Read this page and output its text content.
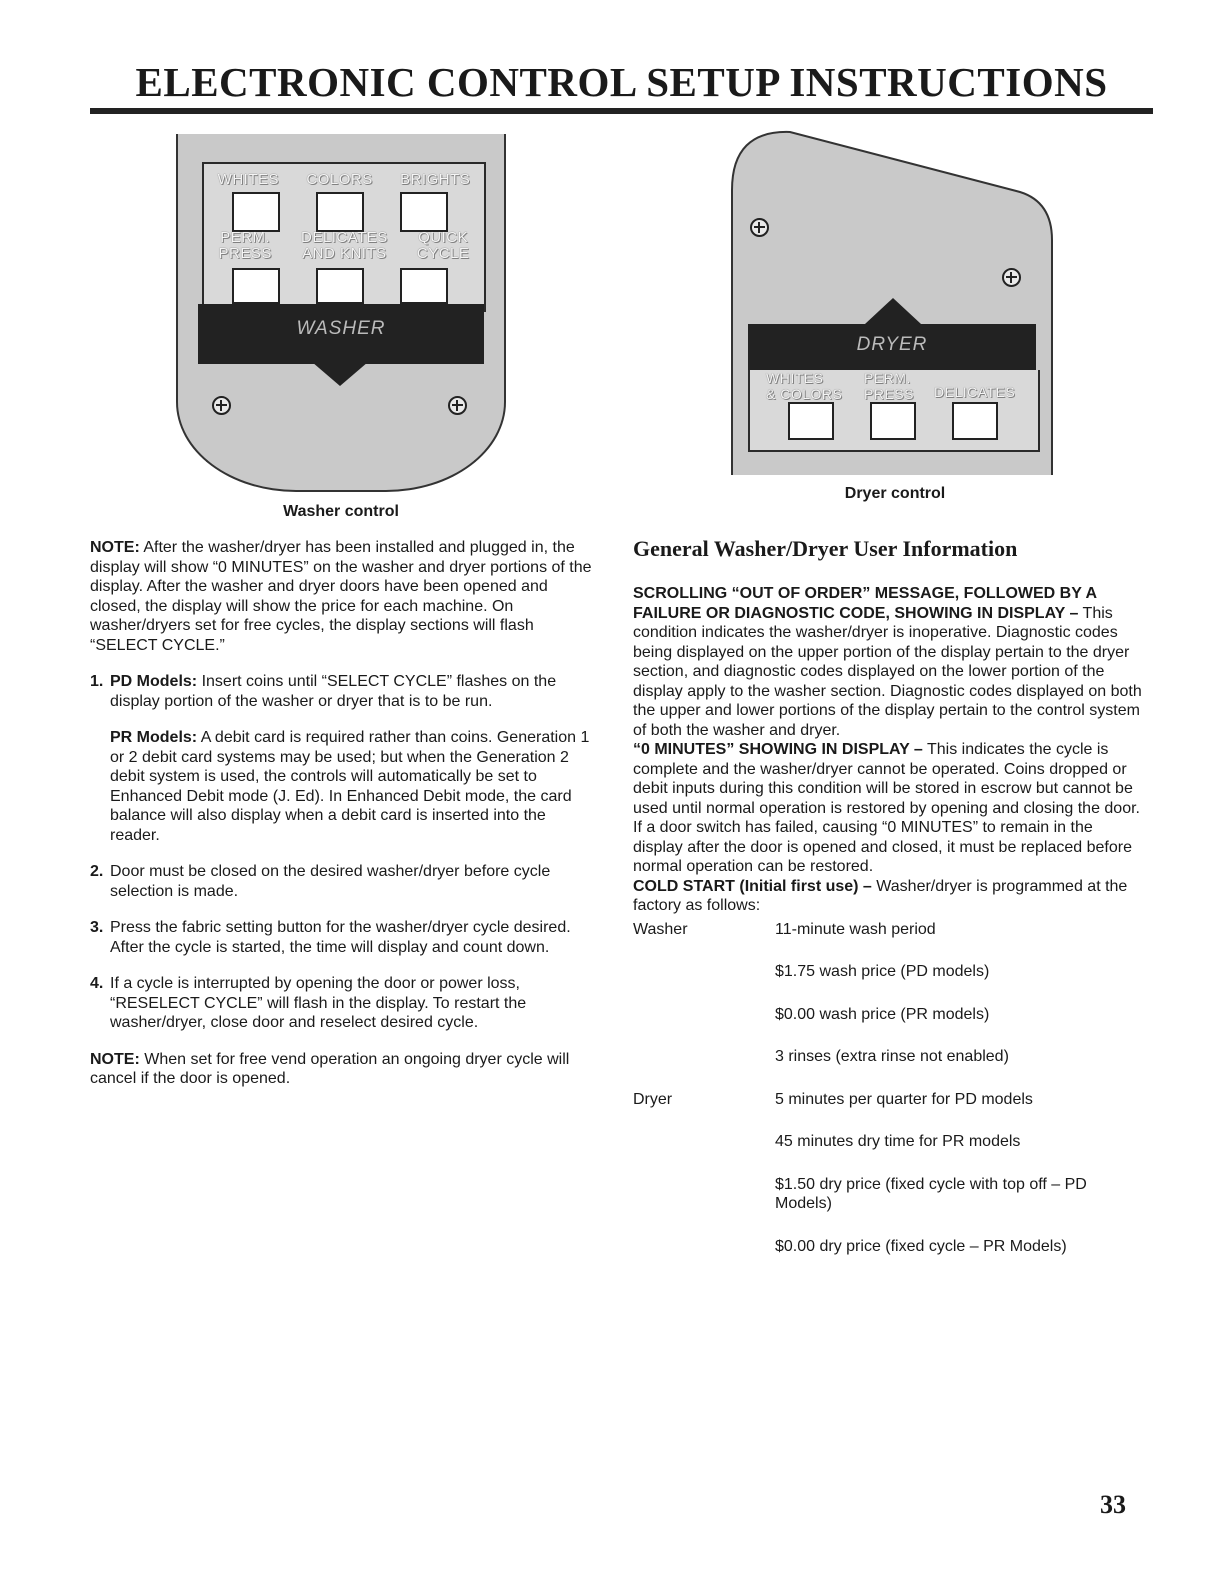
ELECTRONIC CONTROL SETUP INSTRUCTIONS
WHITES COLORS BRIGHTS
PERM.
PRESS
DELICATES
AND KNITS
QUICK
CYCLE
WASHER
Washer control
DRYER
WHITES
& COLORS
PERM.
PRESS DELICATES
Dryer control

NOTE: After the washer/dryer has been installed and plugged in, the display will show “0 MINUTES” on the washer and dryer portions of the display. After the washer and dryer doors have been opened and closed, the display will show the price for each machine. On washer/dryers set for free cycles, the display sections will flash “SELECT CYCLE.”

1. PD Models: Insert coins until “SELECT CYCLE” flashes on the display portion of the washer or dryer that is to be run.

PR Models: A debit card is required rather than coins. Generation 1 or 2 debit card systems may be used; but when the Generation 2 debit system is used, the controls will automatically be set to Enhanced Debit mode (J. Ed). In Enhanced Debit mode, the card balance will also display when a debit card is inserted into the reader.

2. Door must be closed on the desired washer/dryer before cycle selection is made.

3. Press the fabric setting button for the washer/dryer cycle desired. After the cycle is started, the time will display and count down.

4. If a cycle is interrupted by opening the door or power loss, “RESELECT CYCLE” will flash in the display. To restart the washer/dryer, close door and reselect desired cycle.

NOTE: When set for free vend operation an ongoing dryer cycle will cancel if the door is opened.

General Washer/Dryer User Information

SCROLLING “OUT OF ORDER” MESSAGE, FOLLOWED BY A FAILURE OR DIAGNOSTIC CODE, SHOWING IN DISPLAY – This condition indicates the washer/dryer is inoperative. Diagnostic codes being displayed on the upper portion of the display pertain to the dryer section, and diagnostic codes displayed on the lower portion of the display apply to the washer section. Diagnostic codes displayed on both the upper and lower portions of the display pertain to the control system of both the washer and dryer.

“0 MINUTES” SHOWING IN DISPLAY – This indicates the cycle is complete and the washer/dryer cannot be operated. Coins dropped or debit inputs during this condition will be stored in escrow but cannot be used until normal operation is restored by opening and closing the door. If a door switch has failed, causing “0 MINUTES” to remain in the display after the door is opened and closed, it must be replaced before normal operation can be restored.

COLD START (Initial first use) – Washer/dryer is programmed at the factory as follows:

Washer	11-minute wash period
$1.75 wash price (PD models)
$0.00 wash price (PR models)
3 rinses (extra rinse not enabled)
Dryer	5 minutes per quarter for PD models
45 minutes dry time for PR models
$1.50 dry price (fixed cycle with top off – PD Models)
$0.00 dry price (fixed cycle – PR Models)
33
